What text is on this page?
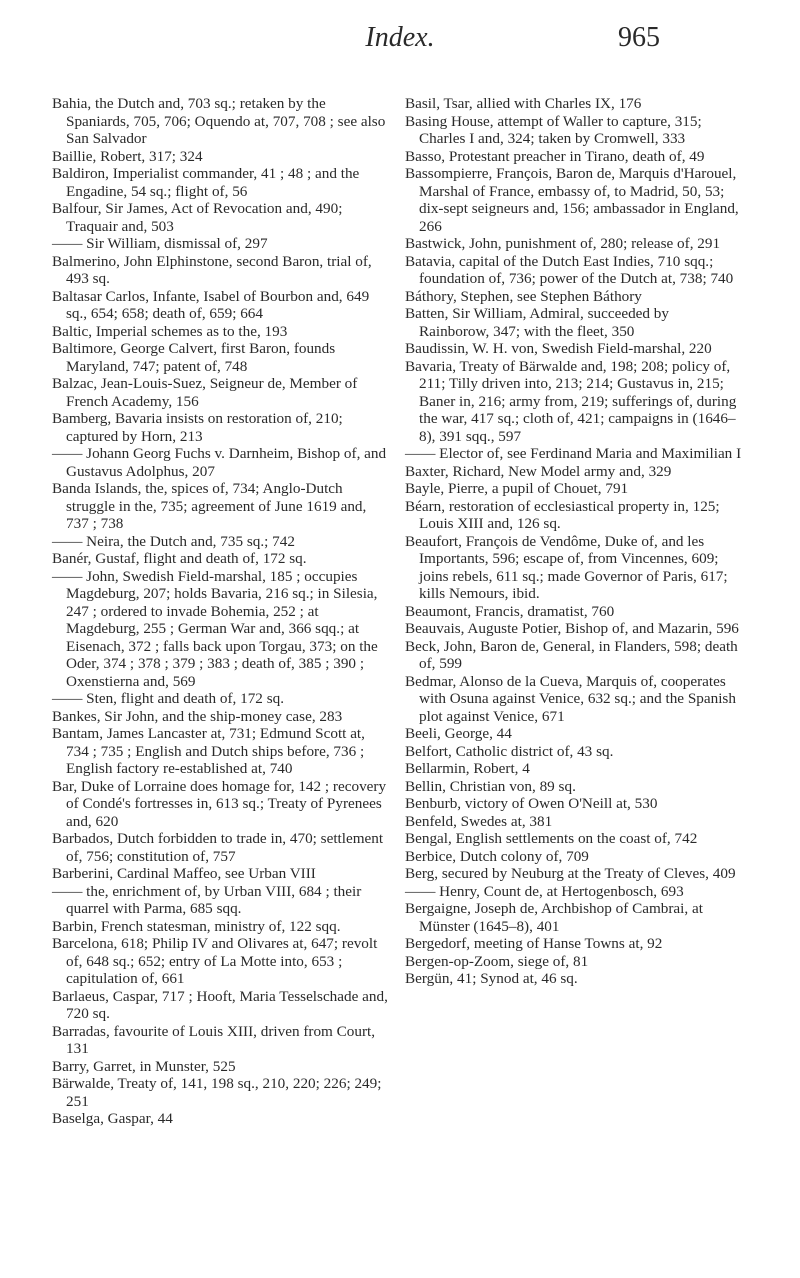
Index.	965

Bahia, the Dutch and, 703 sq.; retaken by the Spaniards, 705, 706; Oquendo at, 707, 708 ; see also San Salvador

Baillie, Robert, 317; 324

Baldiron, Imperialist commander, 41 ; 48 ; and the Engadine, 54 sq.; flight of, 56

Balfour, Sir James, Act of Revocation and, 490; Traquair and, 503

—— Sir William, dismissal of, 297

Balmerino, John Elphinstone, second Baron, trial of, 493 sq.

Baltasar Carlos, Infante, Isabel of Bourbon and, 649 sq., 654; 658; death of, 659; 664

Baltic, Imperial schemes as to the, 193

Baltimore, George Calvert, first Baron, founds Maryland, 747; patent of, 748

Balzac, Jean-Louis-Suez, Seigneur de, Member of French Academy, 156

Bamberg, Bavaria insists on restoration of, 210; captured by Horn, 213

—— Johann Georg Fuchs v. Darnheim, Bishop of, and Gustavus Adolphus, 207

Banda Islands, the, spices of, 734; Anglo-Dutch struggle in the, 735; agreement of June 1619 and, 737 ; 738

—— Neira, the Dutch and, 735 sq.; 742

Banér, Gustaf, flight and death of, 172 sq.

—— John, Swedish Field-marshal, 185 ; occupies Magdeburg, 207; holds Bavaria, 216 sq.; in Silesia, 247 ; ordered to invade Bohemia, 252 ; at Magdeburg, 255 ; German War and, 366 sqq.; at Eisenach, 372 ; falls back upon Torgau, 373; on the Oder, 374 ; 378 ; 379 ; 383 ; death of, 385 ; 390 ; Oxenstierna and, 569

—— Sten, flight and death of, 172 sq.

Bankes, Sir John, and the ship-money case, 283

Bantam, James Lancaster at, 731; Edmund Scott at, 734 ; 735 ; English and Dutch ships before, 736 ; English factory re-established at, 740

Bar, Duke of Lorraine does homage for, 142 ; recovery of Condé's fortresses in, 613 sq.; Treaty of Pyrenees and, 620

Barbados, Dutch forbidden to trade in, 470; settlement of, 756; constitution of, 757

Barberini, Cardinal Maffeo, see Urban VIII

—— the, enrichment of, by Urban VIII, 684 ; their quarrel with Parma, 685 sqq.

Barbin, French statesman, ministry of, 122 sqq.

Barcelona, 618; Philip IV and Olivares at, 647; revolt of, 648 sq.; 652; entry of La Motte into, 653 ; capitulation of, 661

Barlaeus, Caspar, 717 ; Hooft, Maria Tesselschade and, 720 sq.

Barradas, favourite of Louis XIII, driven from Court, 131

Barry, Garret, in Munster, 525

Bärwalde, Treaty of, 141, 198 sq., 210, 220; 226; 249; 251

Baselga, Gaspar, 44

Basil, Tsar, allied with Charles IX, 176

Basing House, attempt of Waller to capture, 315; Charles I and, 324; taken by Cromwell, 333

Basso, Protestant preacher in Tirano, death of, 49

Bassompierre, François, Baron de, Marquis d'Harouel, Marshal of France, embassy of, to Madrid, 50, 53; dix-sept seigneurs and, 156; ambassador in England, 266

Bastwick, John, punishment of, 280; release of, 291

Batavia, capital of the Dutch East Indies, 710 sqq.; foundation of, 736; power of the Dutch at, 738; 740

Báthory, Stephen, see Stephen Báthory

Batten, Sir William, Admiral, succeeded by Rainborow, 347; with the fleet, 350

Baudissin, W. H. von, Swedish Field-marshal, 220

Bavaria, Treaty of Bärwalde and, 198; 208; policy of, 211; Tilly driven into, 213; 214; Gustavus in, 215; Baner in, 216; army from, 219; sufferings of, during the war, 417 sq.; cloth of, 421; campaigns in (1646–8), 391 sqq., 597

—— Elector of, see Ferdinand Maria and Maximilian I

Baxter, Richard, New Model army and, 329

Bayle, Pierre, a pupil of Chouet, 791

Béarn, restoration of ecclesiastical property in, 125; Louis XIII and, 126 sq.

Beaufort, François de Vendôme, Duke of, and les Importants, 596; escape of, from Vincennes, 609; joins rebels, 611 sq.; made Governor of Paris, 617; kills Nemours, ibid.

Beaumont, Francis, dramatist, 760

Beauvais, Auguste Potier, Bishop of, and Mazarin, 596

Beck, John, Baron de, General, in Flanders, 598; death of, 599

Bedmar, Alonso de la Cueva, Marquis of, cooperates with Osuna against Venice, 632 sq.; and the Spanish plot against Venice, 671

Beeli, George, 44

Belfort, Catholic district of, 43 sq.

Bellarmin, Robert, 4

Bellin, Christian von, 89 sq.

Benburb, victory of Owen O'Neill at, 530

Benfeld, Swedes at, 381

Bengal, English settlements on the coast of, 742

Berbice, Dutch colony of, 709

Berg, secured by Neuburg at the Treaty of Cleves, 409

—— Henry, Count de, at Hertogenbosch, 693

Bergaigne, Joseph de, Archbishop of Cambrai, at Münster (1645–8), 401

Bergedorf, meeting of Hanse Towns at, 92

Bergen-op-Zoom, siege of, 81

Bergün, 41; Synod at, 46 sq.
